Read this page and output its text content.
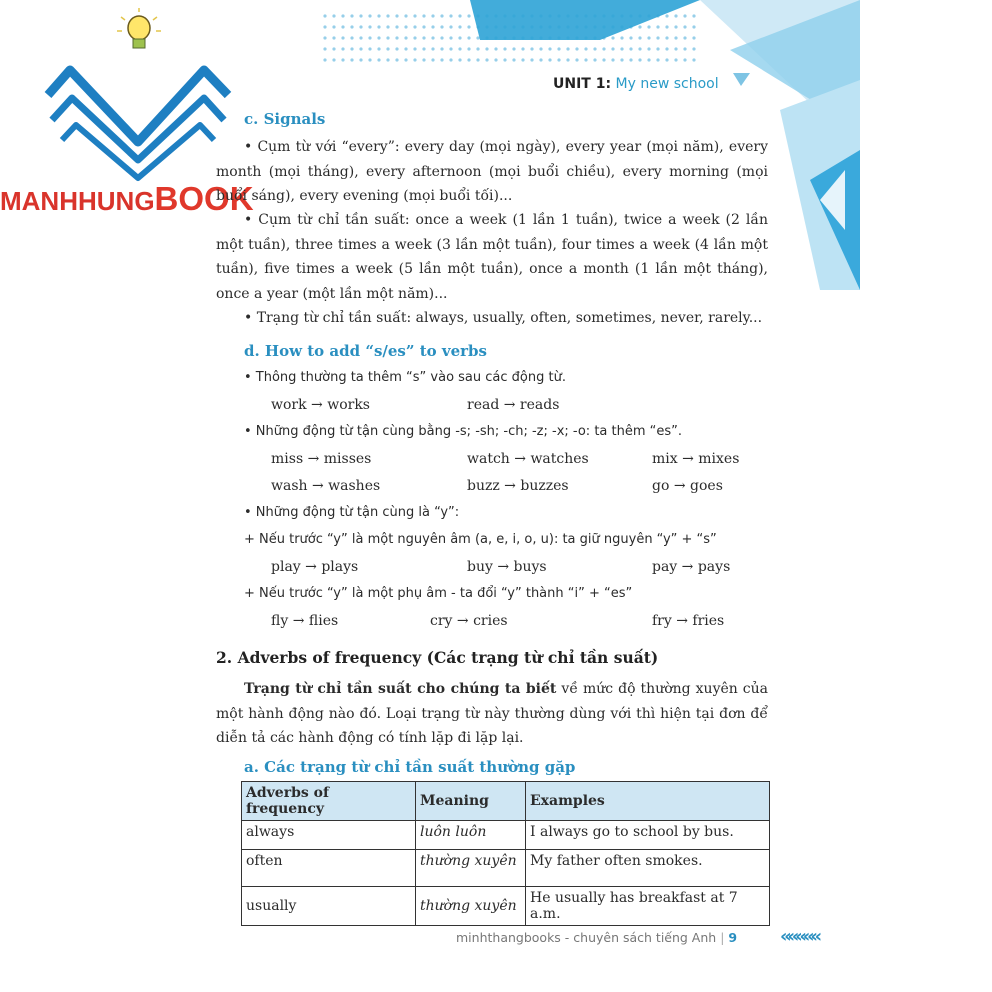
UNIT 1: My new school
MANHHUNGBOOK
c. Signals
• Cụm từ với “every”: every day (mọi ngày), every year (mọi năm), every month (mọi tháng), every afternoon (mọi buổi chiều), every morning (mọi buổi sáng), every evening (mọi buổi tối)...
• Cụm từ chỉ tần suất: once a week (1 lần 1 tuần), twice a week (2 lần một tuần), three times a week (3 lần một tuần), four times a week (4 lần một tuần), five times a week (5 lần một tuần), once a month (1 lần một tháng), once a year (một lần một năm)...
• Trạng từ chỉ tần suất: always, usually, often, sometimes, never, rarely...
d. How to add “s/es” to verbs
• Thông thường ta thêm “s” vào sau các động từ.
work → works	read → reads
• Những động từ tận cùng bằng -s; -sh; -ch; -z; -x; -o: ta thêm “es”.
miss → misses	watch → watches	mix → mixes
wash → washes	buzz → buzzes	go → goes
• Những động từ tận cùng là “y”:
+ Nếu trước “y” là một nguyên âm (a, e, i, o, u): ta giữ nguyên “y” + “s”
play → plays	buy → buys	pay → pays
+ Nếu trước “y” là một phụ âm - ta đổi “y” thành “i” + “es”
fly → flies	cry → cries	fry → fries
2. Adverbs of frequency (Các trạng từ chỉ tần suất)
Trạng từ chỉ tần suất cho chúng ta biết về mức độ thường xuyên của một hành động nào đó. Loại trạng từ này thường dùng với thì hiện tại đơn để diễn tả các hành động có tính lặp đi lặp lại.
a. Các trạng từ chỉ tần suất thường gặp
Adverbs of frequency	Meaning	Examples
always	luôn luôn	I always go to school by bus.
often	thường xuyên	My father often smokes.
usually	thường xuyên	He usually has breakfast at 7 a.m.
minhthangbooks - chuyên sách tiếng Anh | 9 «««««
